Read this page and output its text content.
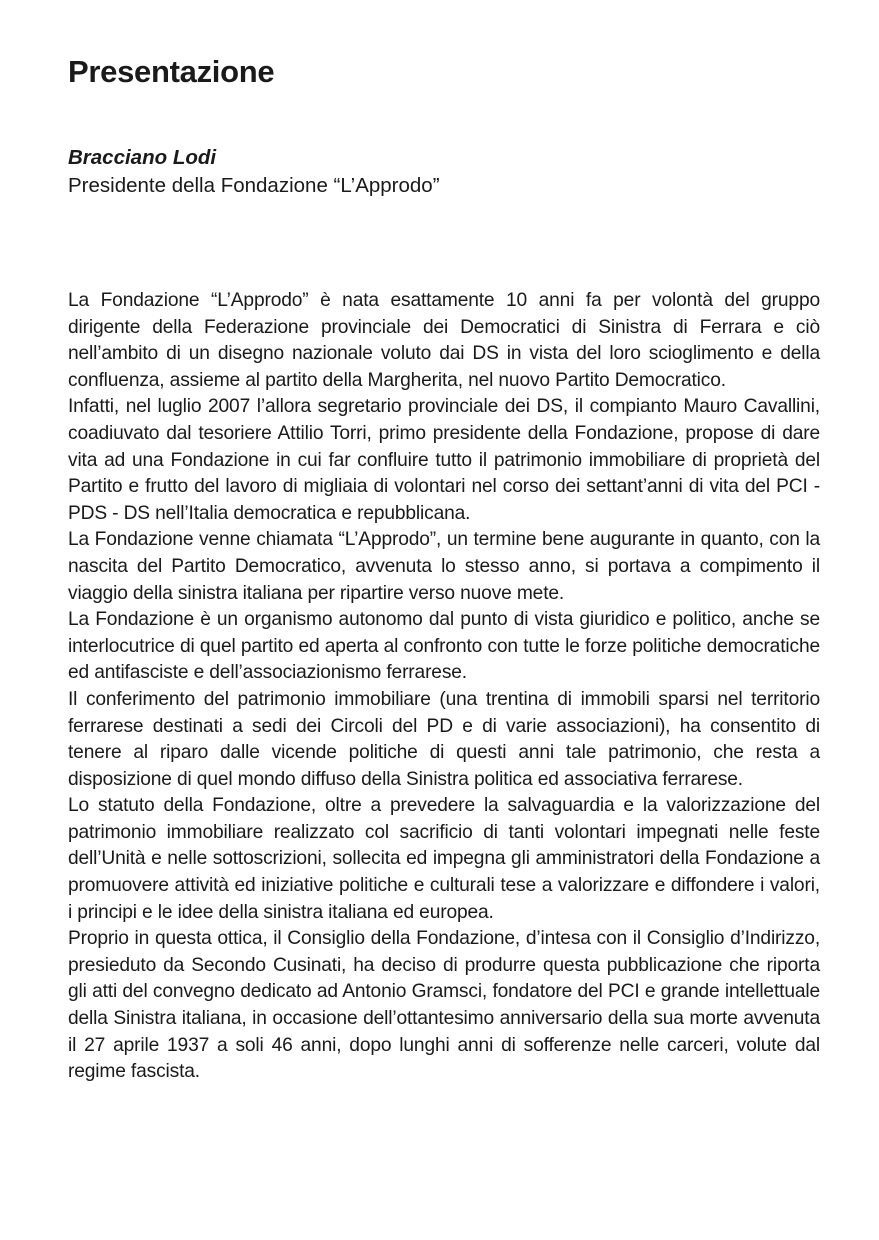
Presentazione
Bracciano Lodi
Presidente della Fondazione “L’Approdo”

La Fondazione “L’Approdo” è nata esattamente 10 anni fa per volontà del gruppo dirigente della Federazione provinciale dei Democratici di Sinistra di Ferrara e ciò nell’ambito di un disegno nazionale voluto dai DS in vista del loro scioglimento e della confluenza, assieme al partito della Margherita, nel nuovo Partito Democratico.

Infatti, nel luglio 2007 l’allora segretario provinciale dei DS, il compianto Mauro Cavallini, coadiuvato dal tesoriere Attilio Torri, primo presidente della Fondazione, propose di dare vita ad una Fondazione in cui far confluire tutto il patrimonio immobiliare di proprietà del Partito e frutto del lavoro di migliaia di volontari nel corso dei settant’anni di vita del PCI - PDS - DS nell’Italia democratica e repubblicana.

La Fondazione venne chiamata “L’Approdo”, un termine bene augurante in quanto, con la nascita del Partito Democratico, avvenuta lo stesso anno, si portava a compimento il viaggio della sinistra italiana per ripartire verso nuove mete.

La Fondazione è un organismo autonomo dal punto di vista giuridico e politico, anche se interlocutrice di quel partito ed aperta al confronto con tutte le forze politiche democratiche ed antifasciste e dell’associazionismo ferrarese.

Il conferimento del patrimonio immobiliare (una trentina di immobili sparsi nel territorio ferrarese destinati a sedi dei Circoli del PD e di varie associazioni), ha consentito di tenere al riparo dalle vicende politiche di questi anni tale patrimonio, che resta a disposizione di quel mondo diffuso della Sinistra politica ed associativa ferrarese.

Lo statuto della Fondazione, oltre a prevedere la salvaguardia e la valorizzazione del patrimonio immobiliare realizzato col sacrificio di tanti volontari impegnati nelle feste dell’Unità e nelle sottoscrizioni, sollecita ed impegna gli amministratori della Fondazione a promuovere attività ed iniziative politiche e culturali tese a valorizzare e diffondere i valori, i principi e le idee della sinistra italiana ed europea.

Proprio in questa ottica, il Consiglio della Fondazione, d’intesa con il Consiglio d’Indirizzo, presieduto da Secondo Cusinati, ha deciso di produrre questa pubblicazione che riporta gli atti del convegno dedicato ad Antonio Gramsci, fondatore del PCI e grande intellettuale della Sinistra italiana, in occasione dell’ottantesimo anniversario della sua morte avvenuta il 27 aprile 1937 a soli 46 anni, dopo lunghi anni di sofferenze nelle carceri, volute dal regime fascista.
